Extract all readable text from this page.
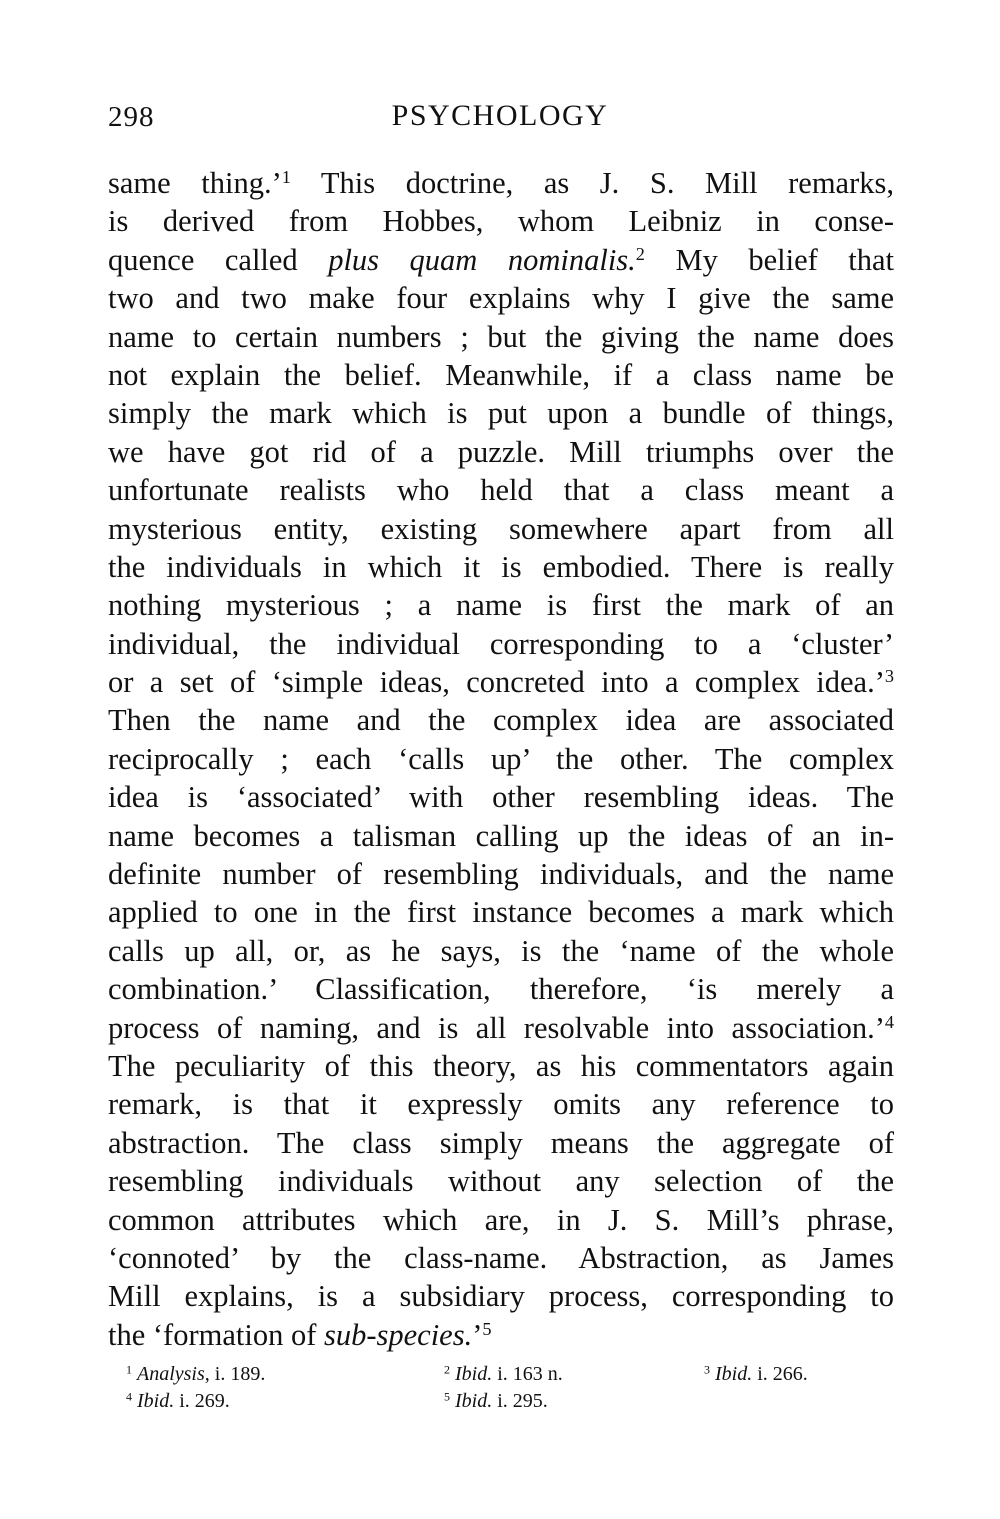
298	PSYCHOLOGY
same thing.’$^1$ This doctrine, as J. S. Mill remarks,
is derived from Hobbes, whom Leibniz in conse-
quence called plus quam nominalis.$^2$ My belief that
two and two make four explains why I give the same
name to certain numbers ; but the giving the name does
not explain the belief. Meanwhile, if a class name be
simply the mark which is put upon a bundle of things,
we have got rid of a puzzle. Mill triumphs over the
unfortunate realists who held that a class meant a
mysterious entity, existing somewhere apart from all
the individuals in which it is embodied. There is really
nothing mysterious ; a name is first the mark of an
individual, the individual corresponding to a ‘cluster’
or a set of ‘simple ideas, concreted into a complex idea.’$^3$
Then the name and the complex idea are associated
reciprocally ; each ‘calls up’ the other. The complex
idea is ‘associated’ with other resembling ideas. The
name becomes a talisman calling up the ideas of an in-
definite number of resembling individuals, and the name
applied to one in the first instance becomes a mark which
calls up all, or, as he says, is the ‘name of the whole
combination.’ Classification, therefore, ‘is merely a
process of naming, and is all resolvable into association.’$^4$
The peculiarity of this theory, as his commentators again
remark, is that it expressly omits any reference to
abstraction. The class simply means the aggregate of
resembling individuals without any selection of the
common attributes which are, in J. S. Mill’s phrase,
‘connoted’ by the class-name. Abstraction, as James
Mill explains, is a subsidiary process, corresponding to
the ‘formation of sub-species.’$^5$
$^1$ Analysis, i. 189.	$^2$ Ibid. i. 163 n.	$^3$ Ibid. i. 266.
$^4$ Ibid. i. 269.	$^5$ Ibid. i. 295.
